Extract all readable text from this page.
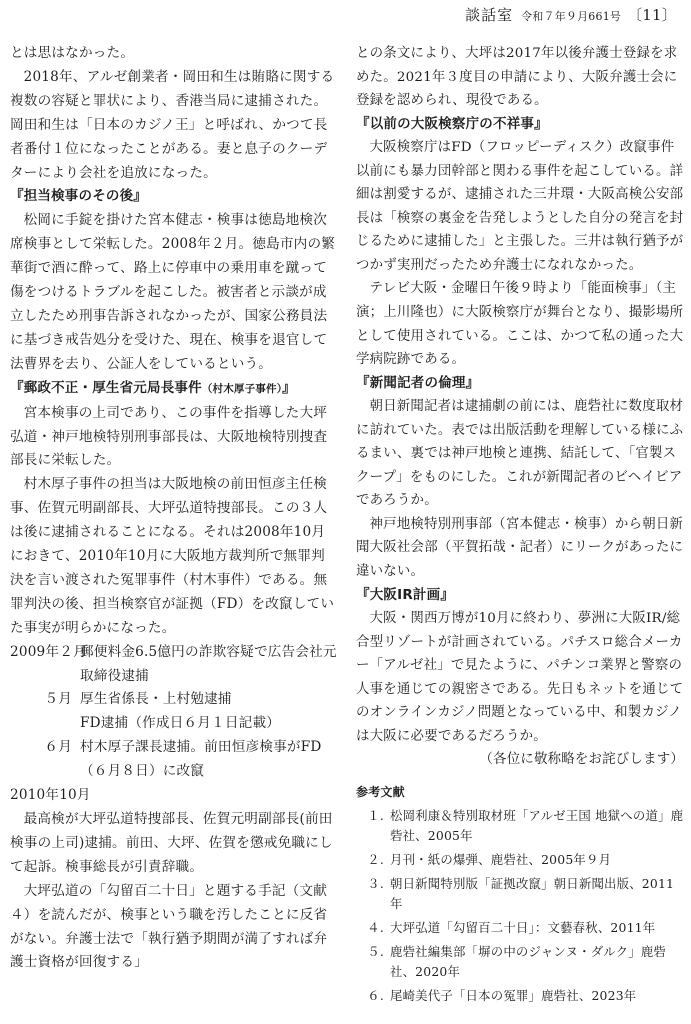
談話室 令和７年９月661号 〔11〕
とは思はなかった。
2018年、アルゼ創業者・岡田和生は賄賂に関する複数の容疑と罪状により、香港当局に逮捕された。岡田和生は「日本のカジノ王」と呼ばれ、かつて長者番付１位になったことがある。妻と息子のクーデターにより会社を追放になった。
『担当検事のその後』
松岡に手錠を掛けた宮本健志・検事は徳島地検次席検事として栄転した。2008年２月。徳島市内の繁華街で酒に酔って、路上に停車中の乗用車を蹴って傷をつけるトラブルを起こした。被害者と示談が成立したため刑事告訴されなかったが、国家公務員法に基づき戒告処分を受けた、現在、検事を退官して法曹界を去り、公証人をしているという。
『郵政不正・厚生省元局長事件（村木厚子事件）』
宮本検事の上司であり、この事件を指導した大坪弘道・神戸地検特別刑事部長は、大阪地検特別捜査部長に栄転した。
村木厚子事件の担当は大阪地検の前田恒彦主任検事、佐賀元明副部長、大坪弘道特捜部長。この３人は後に逮捕されることになる。それは2008年10月におきて、2010年10月に大阪地方裁判所で無罪判決を言い渡された冤罪事件（村木事件）である。無罪判決の後、担当検察官が証拠（FD）を改竄していた事実が明らかになった。
2009年２月
郵便料金6.5億円の詐欺容疑で広告会社元取締役逮捕
５月 厚生省係長・上村勉逮捕
FD逮捕（作成日６月１日記載）
６月 村木厚子課長逮捕。前田恒彦検事がFD（６月８日）に改竄
2010年10月
最高検が大坪弘道特捜部長、佐賀元明副部長(前田検事の上司)逮捕。前田、大坪、佐賀を懲戒免職にして起訴。検事総長が引責辞職。
大坪弘道の「勾留百二十日」と題する手記（文献４）を読んだが、検事という職を汚したことに反省がない。弁護士法で「執行猶予期間が満了すれば弁護士資格が回復する」
との条文により、大坪は2017年以後弁護士登録を求めた。2021年３度目の申請により、大阪弁護士会に登録を認められ、現役である。
『以前の大阪検察庁の不祥事』
大阪検察庁はFD（フロッピーディスク）改竄事件以前にも暴力団幹部と関わる事件を起こしている。詳細は割愛するが、逮捕された三井環・大阪高検公安部長は「検察の裏金を告発しようとした自分の発言を封じるために逮捕した」と主張した。三井は執行猶予がつかず実刑だったため弁護士になれなかった。
テレビ大阪・金曜日午後９時より「能面検事」（主演；上川隆也）に大阪検察庁が舞台となり、撮影場所として使用されている。ここは、かつて私の通った大学病院跡である。
『新聞記者の倫理』
朝日新聞記者は逮捕劇の前には、鹿砦社に数度取材に訪れていた。表では出版活動を理解している様にふるまい、裏では神戸地検と連携、結託して、「官製スクープ」をものにした。これが新聞記者のビヘイビアであろうか。
神戸地検特別刑事部（宮本健志・検事）から朝日新聞大阪社会部（平賀拓哉・記者）にリークがあったに違いない。
『大阪IR計画』
大阪・関西万博が10月に終わり、夢洲に大阪IR/総合型リゾートが計画されている。パチスロ総合メーカー「アルゼ社」で見たように、パチンコ業界と警察の人事を通じての親密さである。先日もネットを通じてのオンラインカジノ問題となっている中、和製カジノは大阪に必要であるだろうか。
（各位に敬称略をお詫びします）
参考文献
１. 松岡利康＆特別取材班「アルゼ王国 地獄への道」鹿砦社、2005年
２. 月刊・紙の爆弾、鹿砦社、2005年９月
３. 朝日新聞特別版「証拠改竄」朝日新聞出版、2011年
４. 大坪弘道「勾留百二十日」：文藝春秋、2011年
５. 鹿砦社編集部「塀の中のジャンヌ・ダルク」鹿砦社、2020年
６. 尾崎美代子「日本の冤罪」鹿砦社、2023年
